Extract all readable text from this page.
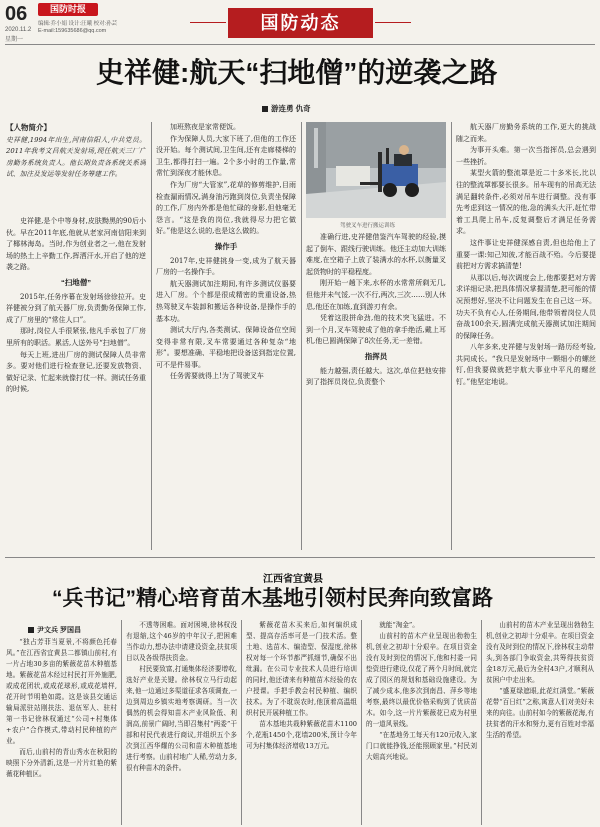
06
2020.11.2
星期一
国防时报
编辑:乔小娟 设计:汪曦 校对:孙芸
E-mail:159635686@qq.com	国防动态
史祥健:航天“扫地僧”的逆袭之路
游连勇 仇奇
【人物简介】
史祥健,1994年出生,河南信阳人,中共党员。2011年我考文昌航天发射场,现任航天三厂广房勤务系统负责人。他长期负责各系统关系调试、加注及发运等发射任务筹建工作。

史祥健,是个中等身材,皮肤黝黑的90后小伙。早在2011年底,他就从老家河南信阳来到了椰林海岛。当时,作为创业者之一,他在发射场的热土上辛勤工作,挥洒汗水,开启了他的逆袭之路。

“扫地僧”

2015年,任务序幕在发射场徐徐拉开。史祥健被分到了航天器厂房,负责勤务保障工作,成了厂房里的“常住人口”。

那时,岗位人手很紧张,他凡手承包了厂房里所有的职活。累活,人送外号“扫地僧”。

每天上班,进出厂房的测试保障人员非常多。要对他们进行检查登记,还要发放物资、做好记录、忙起来就像打仗一样。测试任务重的时候,

加班熬夜是家常便饭。

作为保障人员,大家下班了,但他的工作还没开始。每个测试间,卫生间,还有走廊楼梯的卫生,都得打扫一遍。2个多小时的工作量,常常忙到深夜才能休息。

作为厂房“大管家”,花草的修剪维护,目雨检查漏雨情况,满身油污跑到岗位,负责坐保障的工作,厂房内外都是他忙碌的身影,但他毫无怨言。“这是我的岗位,我就得尽力把它做好。”他是这么说的,也是这么做的。

操作手

2017年,史祥健挑身一变,成为了航天器厂房的一名操作手。

航天器测试加注期间,有许多测试仪器要进入厂房。个个都是很成精密的贵重设备,热热驾驶叉车装卸和搬运各种设备,是操作手的基本功。

测试大厅内,各类测试、保障设备位空间变得非常有限,叉车常要通过各种复杂“地形”。要想准确、平稳地把设备送到指定位置,可不是件易事。

任务需要就得上!为了驾驶叉车

驾驶叉车进行搬运训练

准确行进,史祥健借鉴汽车驾驶的经验,摸起了倒车、跟线行驶训练。他还主动加大训练难度,在空箱子上放了装满水的水杯,以衡量叉起货物时的平稳程度。

刚开始一趟下来,水杯的水常常所剩无几,但他并未气馁,一次不行,两次,三次……别人休息,他还在加练,直到游刃有余。

凭着这股拼命劲,他的技术突飞猛进。不到一个月,叉车驾驶成了他的拿手绝活,戴上耳机,他已圆满保障了8次任务,无一差错。

指挥员

能力越强,责任越大。这次,单位把他安排到了指挥员岗位,负责整个

航天器厂房勤务系统的工作,更大的挑战随之而来。

为事开头难。第一次当指挥员,总会遇到一些挫折。

某型火箭的整流罩是近二十多米长,比以往的整流罩都要长很多。吊车现有的吊高无法满足翻转条件,必须对吊车进行调整。没有事先考虑到这一情况的他,急的满头大汗,赶忙带着工具爬上吊车,反复调整后才满足任务需求。

这件事让史祥健深感自责,但也给他上了重要一课:知己知彼,才能百战不殆。今后要提前把对方需求搞清楚!

从那以后,每次调度会上,他都要把对方需求详细记录,把具体情况掌握清楚,把可能的情况预想好,坚决不让问题发生在自己这一环。功夫不负有心人,任务期间,他带领着岗位人员奋战100余天,圆满完成航天器测试加注期间的保障任务。

八年多来,史祥健与发射场一路历经考验,共同成长。“我只是发射场中一颗细小的螺丝钉,但我要做就把宇航大事业中平凡的螺丝钉。”他坚定地说。

江西省宜黄县
“兵书记”精心培育苗木基地引领村民奔向致富路
尹文兵 罗国昌

“独占芳菲当夏景,不将颜色托春风。”在江西省宜黄县二都镇山前村,有一片占地30多亩的紫薇花苗木种植基地。紫薇花苗木经过村民打开外施肥,或成花团状,或成花球形,或成花墙样,花开时节明艳如霞。这是该县交通运输局派驻站刚扶法、退伍军人、驻村第一书记徐林权通过“公司+村集体+农户”合作模式,带动村民种植的产业。

而后,山前村的青山秀水在秋阳的映照下分外清新,这是一片片红艳的紫薇花种植区。

不透等困难。面对困境,徐林权没有退缩,这个46岁的中年汉子,把困难当作动力,想办法申请建设资金,扶贫项目以及各级帮扶资金。

村民要致富,打通集体经济要增收,选好产业是关键。徐林权立马行动起来,他一边通过多渠道征求各项调查,一边到周边乡镇实地考察调研。当一次偶然的机会得知苗木产业风险低、利润高,前景广阔时,当即召集村“两委”干部和村民代表进行商议,并组织五个多次到江西华耀的公司和苗木种植基地进行考察。山前村地广人稀,劳动力多,很有种苗木的条件。

紫薇花苗木买来后,如何编织成型、提高存活率可是一门技术活。整土地、选苗木、编造型、保湿度,徐林权对每一个环节都严抓细节,确保不出纰漏。在公司专业技术人员进行培训的同时,他还请来有种植苗木经验的农户授课。手把手教会村民种植、编织技术。为了不耽误农时,他顶着高温组织村民开展种植工作。

苗木基地共栽种紫薇花苗木1100个,花瓶1450个,花墙200米,预计今年可为村集体经济增收13万元。

就能“淘金”。

山前村的苗木产业呈现出勃勃生机,创业之初却十分艰辛。在项目资金没有及时到位的情况下,他和村委一同垫资进行建设,仅花了两个月时间,就完成了园区的规划和基础设施建设。为了减少成本,他多次到南昌、萍乡等地考察,最终以最优价格采购到了优质苗木。如今,这一片片紫薇花已成为村里的一道风景线。

“在基地务工每天有120元收入,家门口就能挣钱,还能照顾家里。”村民刘大姐高兴地说。

山前村的苗木产业呈现出勃勃生机,创业之初却十分艰辛。在项目资金没有及时到位的情况下,徐林权主动带头,到各部门争取资金,共筹得扶贫资金18万元,最后为全村43户,才顺利从贫困户中走出来。

“盛夏绿遮眼,此花红满堂。”紫薇花带“百日红”之称,寓意人们对美好未来的向往。山前村如今的紫薇花海,有扶贫者的汗水和努力,更有百姓对幸福生活的希望。
